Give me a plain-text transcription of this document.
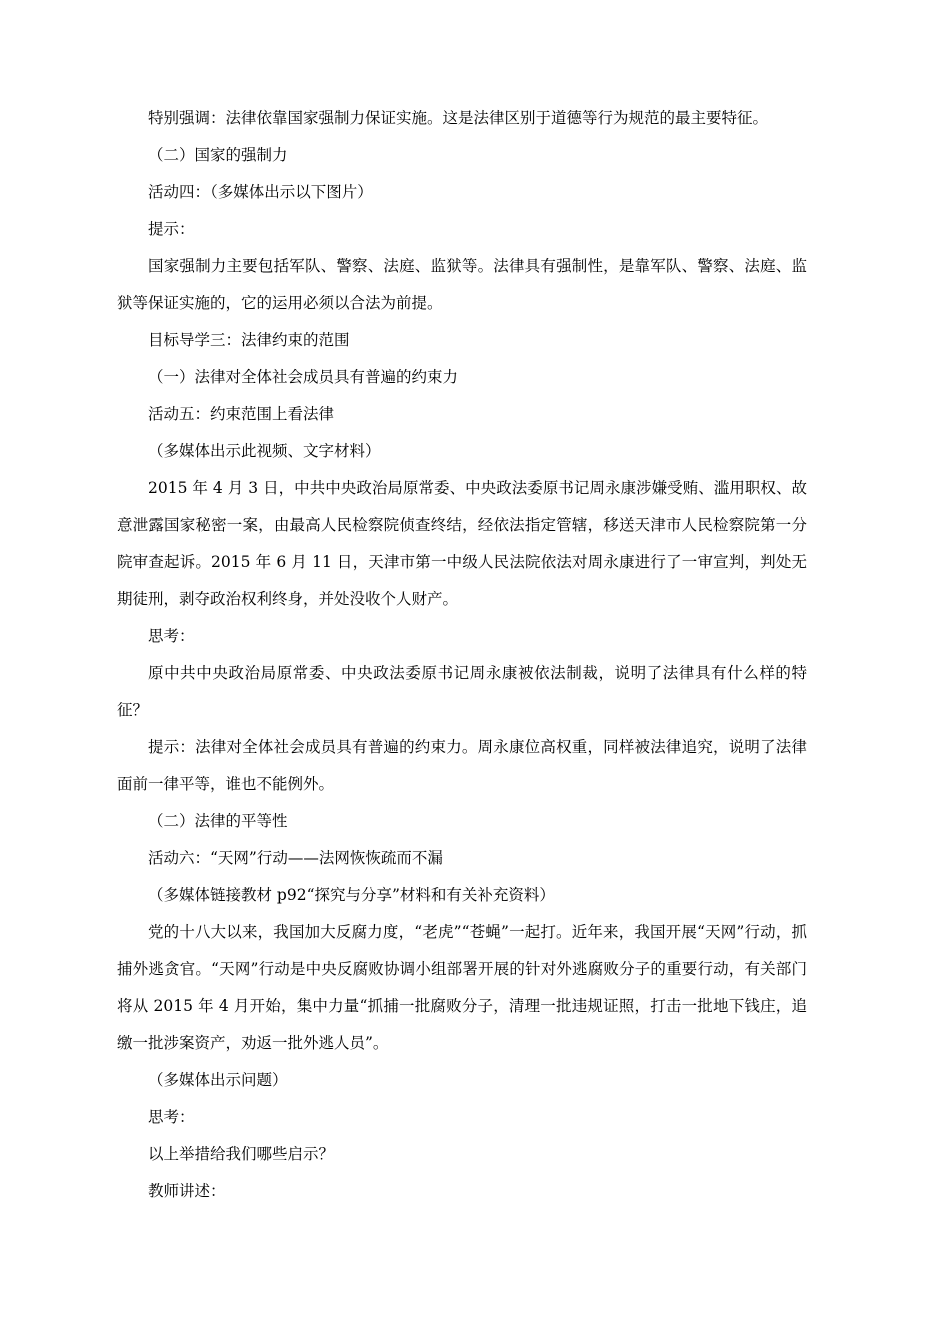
特别强调：法律依靠国家强制力保证实施。这是法律区别于道德等行为规范的最主要特征。

（二）国家的强制力

活动四：（多媒体出示以下图片）

提示：

国家强制力主要包括军队、警察、法庭、监狱等。法律具有强制性，是靠军队、警察、法庭、监狱等保证实施的，它的运用必须以合法为前提。

目标导学三：法律约束的范围

（一）法律对全体社会成员具有普遍的约束力

活动五：约束范围上看法律

（多媒体出示此视频、文字材料）

2015 年 4 月 3 日，中共中央政治局原常委、中央政法委原书记周永康涉嫌受贿、滥用职权、故意泄露国家秘密一案，由最高人民检察院侦查终结，经依法指定管辖，移送天津市人民检察院第一分院审查起诉。2015 年 6 月 11 日，天津市第一中级人民法院依法对周永康进行了一审宣判，判处无期徒刑，剥夺政治权利终身，并处没收个人财产。

思考：

原中共中央政治局原常委、中央政法委原书记周永康被依法制裁，说明了法律具有什么样的特征？

提示：法律对全体社会成员具有普遍的约束力。周永康位高权重，同样被法律追究，说明了法律面前一律平等，谁也不能例外。

（二）法律的平等性

活动六：“天网”行动——法网恢恢疏而不漏

（多媒体链接教材 p92“探究与分享”材料和有关补充资料）

党的十八大以来，我国加大反腐力度，“老虎”“苍蝇”一起打。近年来，我国开展“天网”行动，抓捕外逃贪官。“天网”行动是中央反腐败协调小组部署开展的针对外逃腐败分子的重要行动，有关部门将从 2015 年 4 月开始，集中力量“抓捕一批腐败分子，清理一批违规证照，打击一批地下钱庄，追缴一批涉案资产，劝返一批外逃人员”。

（多媒体出示问题）

思考：

以上举措给我们哪些启示？

教师讲述：
